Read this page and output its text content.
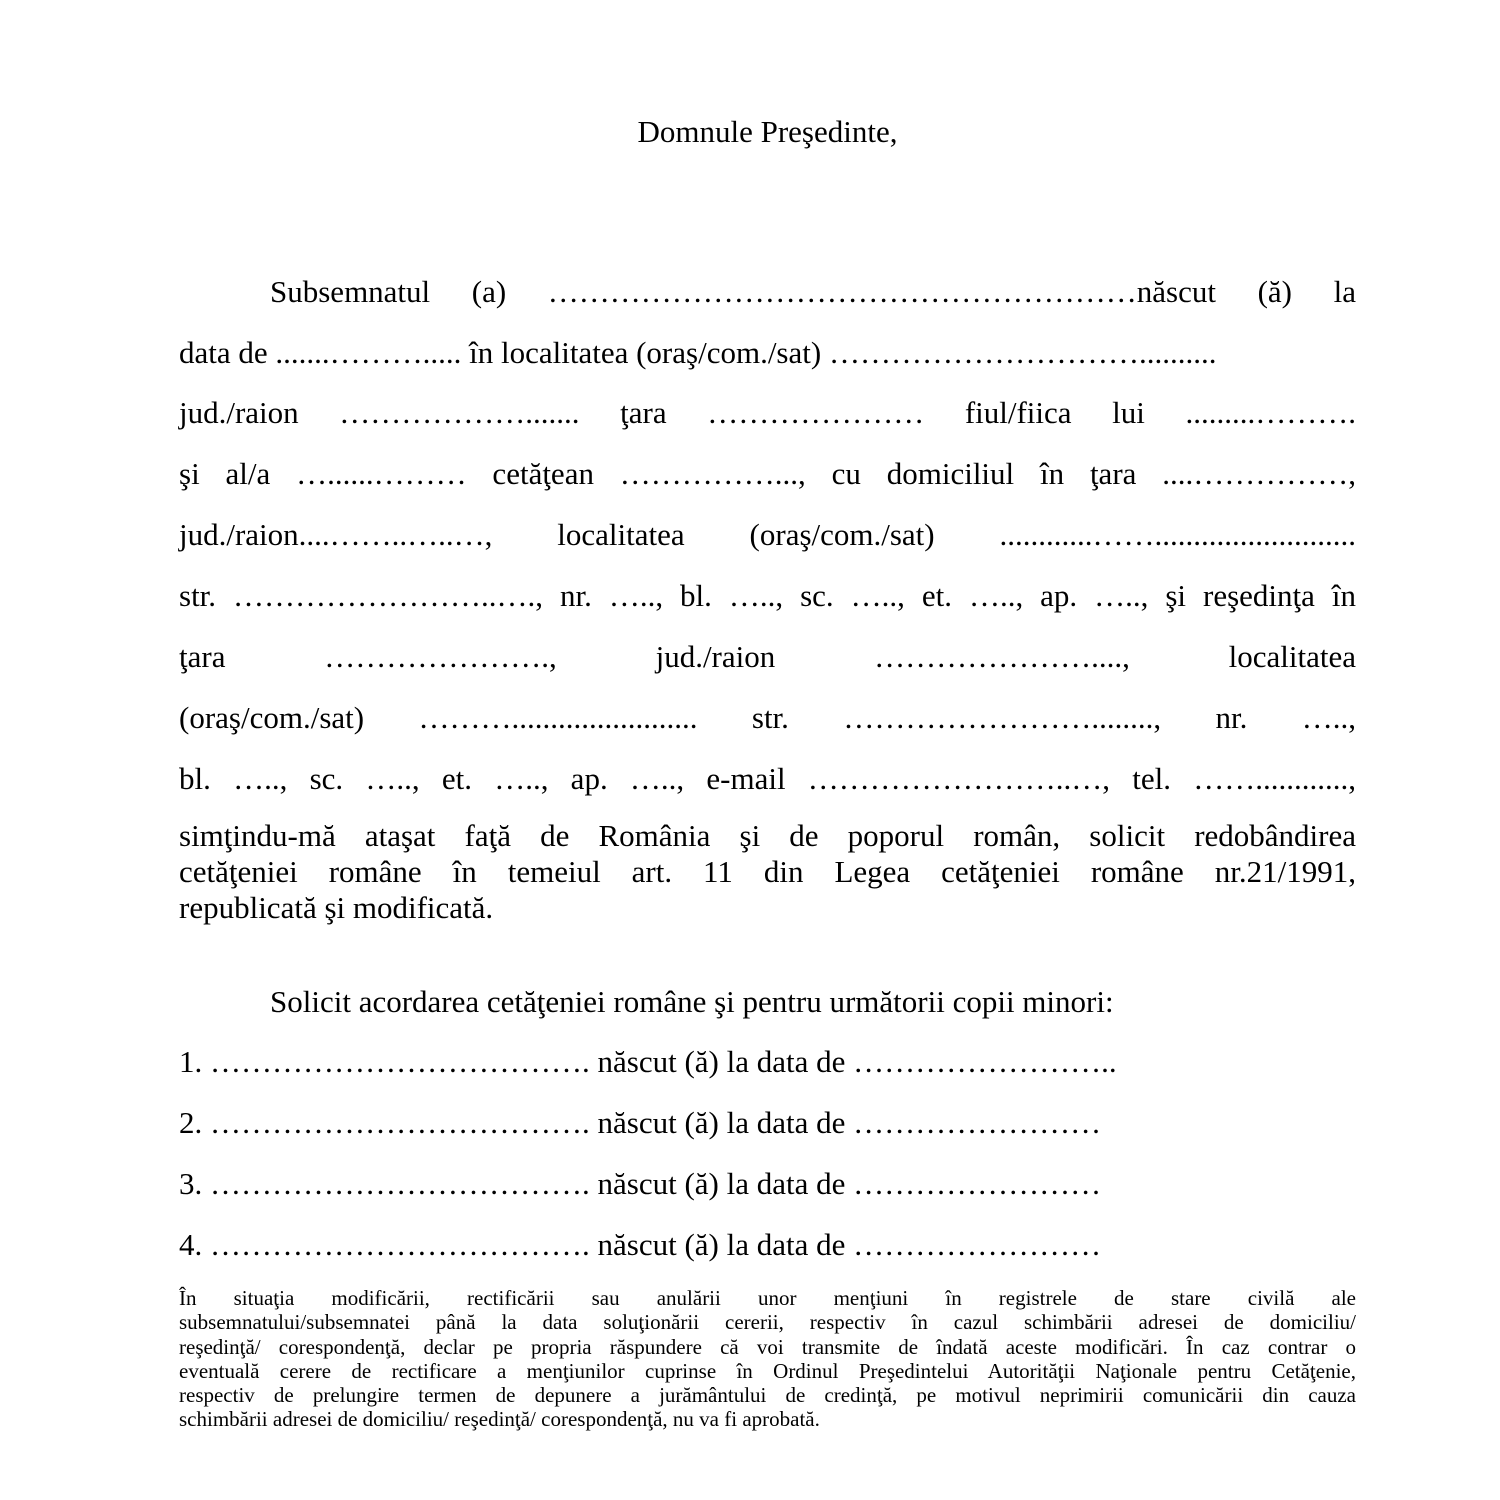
Domnule Preşedinte,
Subsemnatul (a) …………………………………………………născut (ă) la
data de .......………..... în localitatea (oraş/com./sat) …………………………..........
jud./raion ………………....... ţara ………………… fiul/fiica lui .........……….
şi al/a …......……… cetăţean ……………..., cu domiciliul în ţara ....……………,
jud./raion....……..…..…, localitatea (oraş/com./sat) ............……..........................
str. ……………………..…., nr. ….., bl. ….., sc. ….., et. ….., ap. ….., şi reşedinţa în
ţara …………………., jud./raion …………………...., localitatea
(oraş/com./sat) ………........................ str. ……………………........, nr. …..,
bl. ….., sc. ….., et. ….., ap. ….., e-mail ……………………..…, tel. ……............,
simţindu-mă ataşat faţă de România şi de poporul român, solicit redobândirea
cetăţeniei române în temeiul art. 11 din Legea cetăţeniei române nr.21/1991,
republicată şi modificată.
Solicit acordarea cetăţeniei române şi pentru următorii copii minori:
1. ………………………………. născut (ă) la data de ……………………..
2. ………………………………. născut (ă) la data de ……………………
3. ………………………………. născut (ă) la data de ……………………
4. ………………………………. născut (ă) la data de ……………………
În situaţia modificării, rectificării sau anulării unor menţiuni în registrele de stare civilă ale
subsemnatului/subsemnatei până la data soluţionării cererii, respectiv în cazul schimbării adresei de domiciliu/
reşedinţă/ corespondenţă, declar pe propria răspundere că voi transmite de îndată aceste modificări. În caz contrar o
eventuală cerere de rectificare a menţiunilor cuprinse în Ordinul Preşedintelui Autorităţii Naţionale pentru Cetăţenie,
respectiv de prelungire termen de depunere a jurământului de credinţă, pe motivul neprimirii comunicării din cauza
schimbării adresei de domiciliu/ reşedinţă/ corespondenţă, nu va fi aprobată.
